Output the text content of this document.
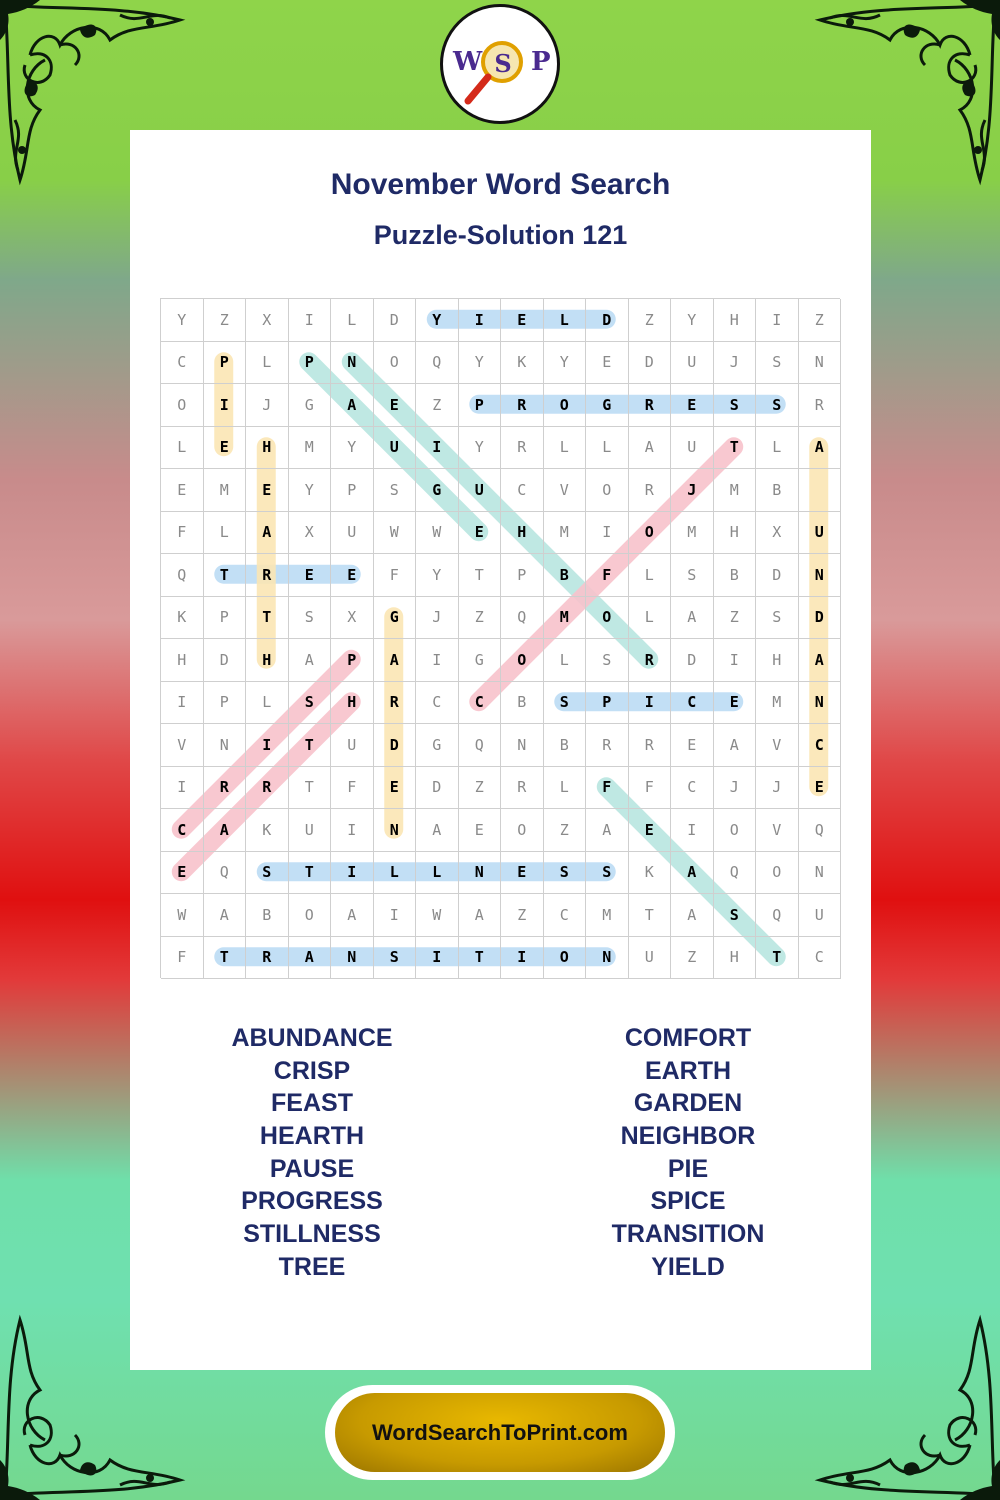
W S P
November Word Search
Puzzle-Solution 121
Y	Z	X	I	L	D	Y	I	E	L	D	Z	Y	H	I	Z
C	P	L	P	N	O	Q	Y	K	Y	E	D	U	J	S	N
O	I	J	G	A	E	Z	P	R	O	G	R	E	S	S	R
L	E	H	M	Y	U	I	Y	R	L	L	A	U	T	L	A
E	M	E	Y	P	S	G	U	C	V	O	R	J	M	B
F	L	A	X	U	W	W	E	H	M	I	O	M	H	X	U
Q	T	R	E	E	F	Y	T	P	B	F	L	S	B	D	N
K	P	T	S	X	G	J	Z	Q	M	O	L	A	Z	S	D
H	D	H	A	P	A	I	G	O	L	S	R	D	I	H	A
I	P	L	S	H	R	C	C	B	S	P	I	C	E	M	N
V	N	I	T	U	D	G	Q	N	B	R	R	E	A	V	C
I	R	R	T	F	E	D	Z	R	L	F	F	C	J	J	E
C	A	K	U	I	N	A	E	O	Z	A	E	I	O	V	Q
E	Q	S	T	I	L	L	N	E	S	S	K	A	Q	O	N
W	A	B	O	A	I	W	A	Z	C	M	T	A	S	Q	U
F	T	R	A	N	S	I	T	I	O	N	U	Z	H	T	C
ABUNDANCE
CRISP
FEAST
HEARTH
PAUSE
PROGRESS
STILLNESS
TREE
COMFORT
EARTH
GARDEN
NEIGHBOR
PIE
SPICE
TRANSITION
YIELD
WordSearchToPrint.com
